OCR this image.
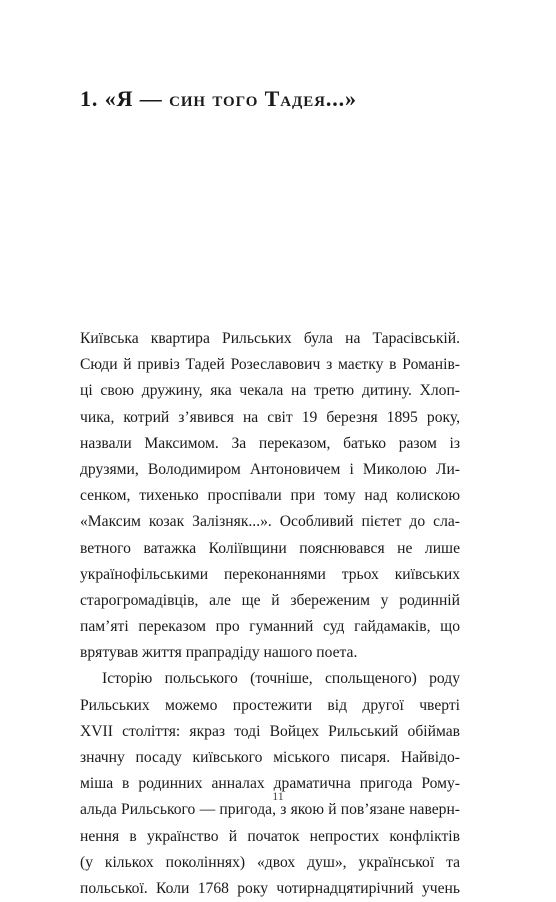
1. «Я — син того Тадея...»
Київська квартира Рильських була на Тарасівській.
Сюди й привіз Тадей Розеславович з маєтку в Романів-
ці свою дружину, яка чекала на третю дитину. Хлоп-
чика, котрий з’явився на світ 19 березня 1895 року,
назвали Максимом. За переказом, батько разом із
друзями, Володимиром Антоновичем і Миколою Ли-
сенком, тихенько проспівали при тому над колискою
«Максим козак Залізняк...». Особливий пієтет до сла-
ветного ватажка Коліївщини пояснювався не лише
українофільськими переконаннями трьох київських
старогромадівців, але ще й збереженим у родинній
пам’яті переказом про гуманний суд гайдамаків, що
врятував життя прапрадіду нашого поета.
Історію польського (точніше, спольщеного) роду
Рильських можемо простежити від другої чверті
XVII століття: якраз тоді Войцех Рильський обіймав
значну посаду київського міського писаря. Найвідо-
міша в родинних анналах драматична пригода Рому-
альда Рильського — пригода, з якою й пов’язане наверн-
нення в українство й початок непростих конфліктів
(у кількох поколіннях) «двох душ», української та
польської. Коли 1768 року чотирнадцятирічний учень
11
